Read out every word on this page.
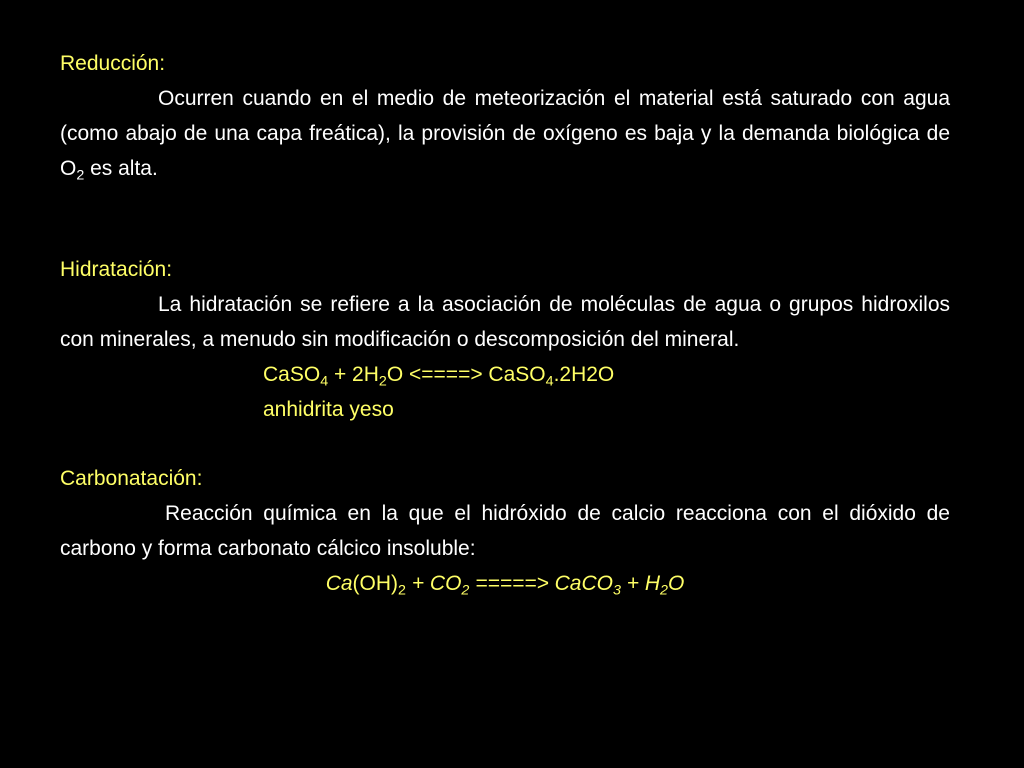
Reducción:

Ocurren cuando en el medio de meteorización el material está saturado con agua (como abajo de una capa freática), la provisión de oxígeno es baja y la demanda biológica de $O_2$ es alta.

Hidratación:

La hidratación se refiere a la asociación de moléculas de agua o grupos hidroxilos con minerales, a menudo sin modificación o descomposición del mineral.

CaSO$_4$ + $2H_2O$ <====> CaSO$_4$.2H2O

anhidrita yeso

Carbonatación:

Reacción química en la que el hidróxido de calcio reacciona con el dióxido de carbono y forma carbonato cálcico insoluble:

$Ca(OH)_2 + CO_2$ =====> CaCO$_3$ + $H_2O$
